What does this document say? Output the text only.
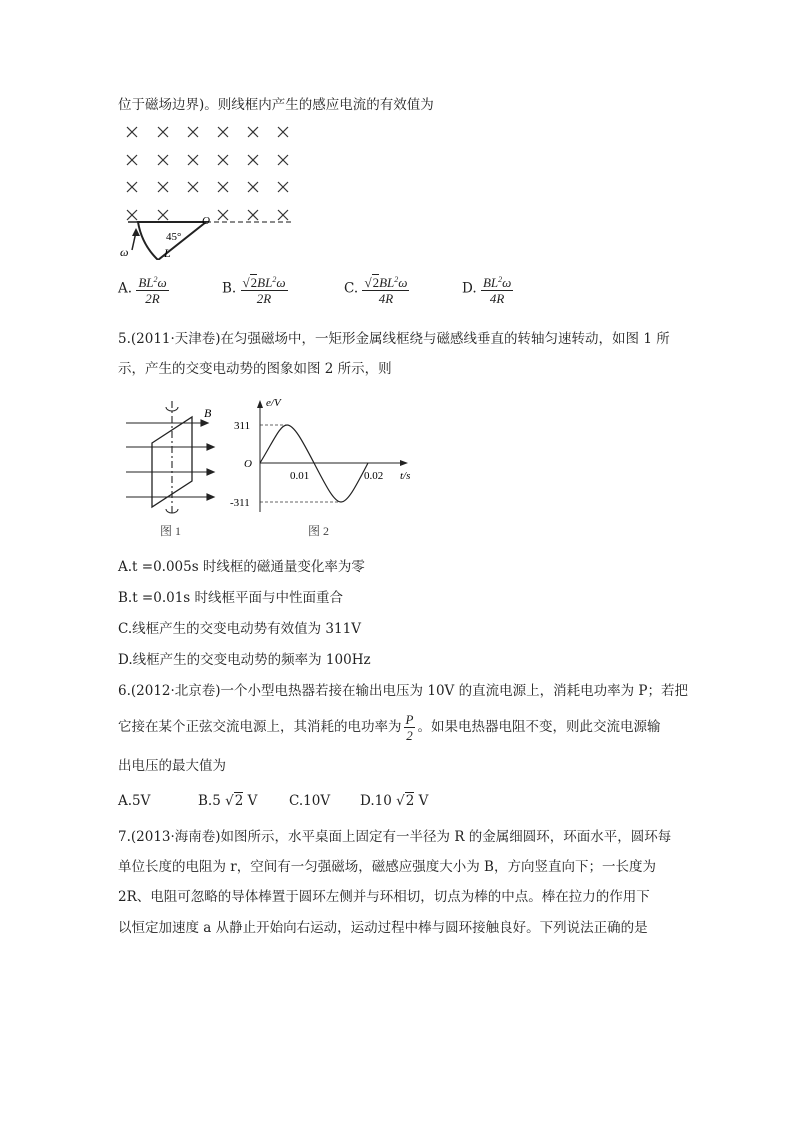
位于磁场边界)。则线框内产生的感应电流的有效值为
45°
L
ω
O
A. $\frac{BL^2\omega}{2R}$	B. $\frac{√2BL^2\omega}{2R}$	C. $\frac{√2BL^2\omega}{4R}$	D. $\frac{BL^2\omega}{4R}$
5.(2011·天津卷)在匀强磁场中，一矩形金属线框绕与磁感线垂直的转轴匀速转动，如图 1 所
示，产生的交变电动势的图象如图 2 所示，则
B
图 1
e/V
t/s
O
311
-311
0.01	0.02
图 2
A.t =0.005s 时线框的磁通量变化率为零
B.t =0.01s 时线框平面与中性面重合
C.线框产生的交变电动势有效值为 311V
D.线框产生的交变电动势的频率为 100Hz
6.(2012·北京卷)一个小型电热器若接在输出电压为 10V 的直流电源上，消耗电功率为 P；若把
它接在某个正弦交流电源上，其消耗的电功率为 $\frac{P}{2}$ 。如果电热器电阻不变，则此交流电源输
出电压的最大值为
A.5V	B.5 √2 V C.10V D.10 √2 V
7.(2013·海南卷)如图所示，水平桌面上固定有一半径为 R 的金属细圆环，环面水平，圆环每
单位长度的电阻为 r，空间有一匀强磁场，磁感应强度大小为 B，方向竖直向下；一长度为
2R、电阻可忽略的导体棒置于圆环左侧并与环相切，切点为棒的中点。棒在拉力的作用下
以恒定加速度 a 从静止开始向右运动，运动过程中棒与圆环接触良好。下列说法正确的是
